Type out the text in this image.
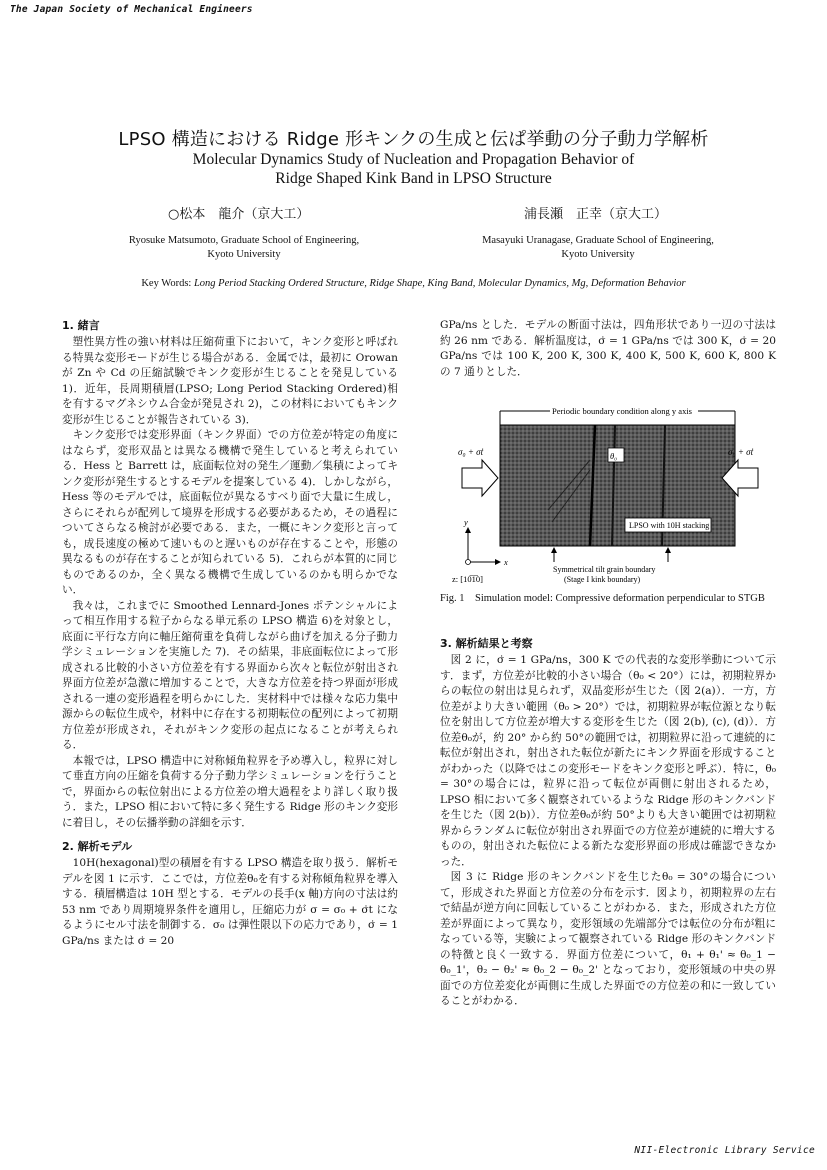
The Japan Society of Mechanical Engineers
NII-Electronic Library Service
LPSO 構造における Ridge 形キンクの生成と伝ぱ挙動の分子動力学解析
Molecular Dynamics Study of Nucleation and Propagation Behavior of
Ridge Shaped Kink Band in LPSO Structure
○松本　龍介（京大工）	浦長瀬　正幸（京大工）
Ryosuke Matsumoto, Graduate School of Engineering,
Kyoto University
Masayuki Uranagase, Graduate School of Engineering,
Kyoto University
Key Words: Long Period Stacking Ordered Structure, Ridge Shape, King Band, Molecular Dynamics, Mg, Deformation Behavior
1. 緒言

塑性異方性の強い材料は圧縮荷重下において，キンク変形と呼ばれる特異な変形モードが生じる場合がある．金属では，最初に Orowan が Zn や Cd の圧縮試験でキンク変形が生じることを発見している 1)．近年，長周期積層(LPSO; Long Period Stacking Ordered)相を有するマグネシウム合金が発見され 2)，この材料においてもキンク変形が生じることが報告されている 3)．

キンク変形では変形界面（キンク界面）での方位差が特定の角度にはならず，変形双晶とは異なる機構で発生していると考えられている．Hess と Barrett は，底面転位対の発生／運動／集積によってキンク変形が発生するとするモデルを提案している 4)．しかしながら，Hess 等のモデルでは，底面転位が異なるすべり面で大量に生成し，さらにそれらが配列して境界を形成する必要があるため，その過程についてさらなる検討が必要である．また，一概にキンク変形と言っても，成長速度の極めて速いものと遅いものが存在することや，形態の異なるものが存在することが知られている 5)．これらが本質的に同じものであるのか，全く異なる機構で生成しているのかも明らかでない．

我々は，これまでに Smoothed Lennard-Jones ポテンシャルによって相互作用する粒子からなる単元系の LPSO 構造 6)を対象とし，底面に平行な方向に軸圧縮荷重を負荷しながら曲げを加える分子動力学シミュレーションを実施した 7)．その結果，非底面転位によって形成される比較的小さい方位差を有する界面から次々と転位が射出され界面方位差が急激に増加することで，大きな方位差を持つ界面が形成される一連の変形過程を明らかにした．実材料中では様々な応力集中源からの転位生成や，材料中に存在する初期転位の配列によって初期方位差が形成され，それがキンク変形の起点になることが考えられる．

本報では，LPSO 構造中に対称傾角粒界を予め導入し，粒界に対して垂直方向の圧縮を負荷する分子動力学シミュレーションを行うことで，界面からの転位射出による方位差の増大過程をより詳しく取り扱う．また，LPSO 相において特に多く発生する Ridge 形のキンク変形に着目し，その伝播挙動の詳細を示す．

2. 解析モデル

10H(hexagonal)型の積層を有する LPSO 構造を取り扱う．解析モデルを図 1 に示す．ここでは，方位差θ₀を有する対称傾角粒界を導入する．積層構造は 10H 型とする．モデルの長手(x 軸)方向の寸法は約 53 nm であり周期境界条件を適用し，圧縮応力が σ = σ₀ + σ̇t になるようにセル寸法を制御する．σ₀ は弾性限以下の応力であり，σ̇ = 1 GPa/ns または σ̇ = 20

GPa/ns とした．モデルの断面寸法は，四角形状であり一辺の寸法は約 26 nm である．解析温度は，σ̇ = 1 GPa/ns では 300 K，σ̇ = 20 GPa/ns では 100 K, 200 K, 300 K, 400 K, 500 K, 600 K, 800 K の 7 通りとした．

Periodic boundary condition along y axis
θ₀
LPSO with 10H stacking
σ₀ + σ̇t	σ₀ + σ̇t
Symmetrical tilt grain boundary
(Stage I kink boundary)
y
x
z: [10̅1̅0]
Fig. 1　Simulation model: Compressive deformation perpendicular to STGB
3. 解析結果と考察

図 2 に，σ̇ = 1 GPa/ns，300 K での代表的な変形挙動について示す．まず，方位差が比較的小さい場合（θ₀ < 20°）には，初期粒界からの転位の射出は見られず，双晶変形が生じた（図 2(a)）．一方，方位差がより大きい範囲（θ₀ > 20°）では，初期粒界が転位源となり転位を射出して方位差が増大する変形を生じた（図 2(b), (c), (d)）．方位差θ₀が，約 20° から約 50°の範囲では，初期粒界に沿って連続的に転位が射出され，射出された転位が新たにキンク界面を形成することがわかった（以降ではこの変形モードをキンク変形と呼ぶ）．特に，θ₀ = 30°の場合には，粒界に沿って転位が両側に射出されるため，LPSO 相において多く観察されているような Ridge 形のキンクバンドを生じた（図 2(b)）．方位差θ₀が約 50°よりも大きい範囲では初期粒界からランダムに転位が射出され界面での方位差が連続的に増大するものの，射出された転位による新たな変形界面の形成は確認できなかった．

図 3 に Ridge 形のキンクバンドを生じたθ₀ = 30°の場合について，形成された界面と方位差の分布を示す．図より，初期粒界の左右で結晶が逆方向に回転していることがわかる．また，形成された方位差が界面によって異なり，変形領域の先端部分では転位の分布が粗になっている等，実験によって観察されている Ridge 形のキンクバンドの特徴と良く一致する．界面方位差について，θ₁ + θ₁' ≈ θ₀_1 − θ₀_1'，θ₂ − θ₂' ≈ θ₀_2 − θ₀_2' となっており，変形領域の中央の界面での方位差変化が両側に生成した界面での方位差の和に一致していることがわかる．
